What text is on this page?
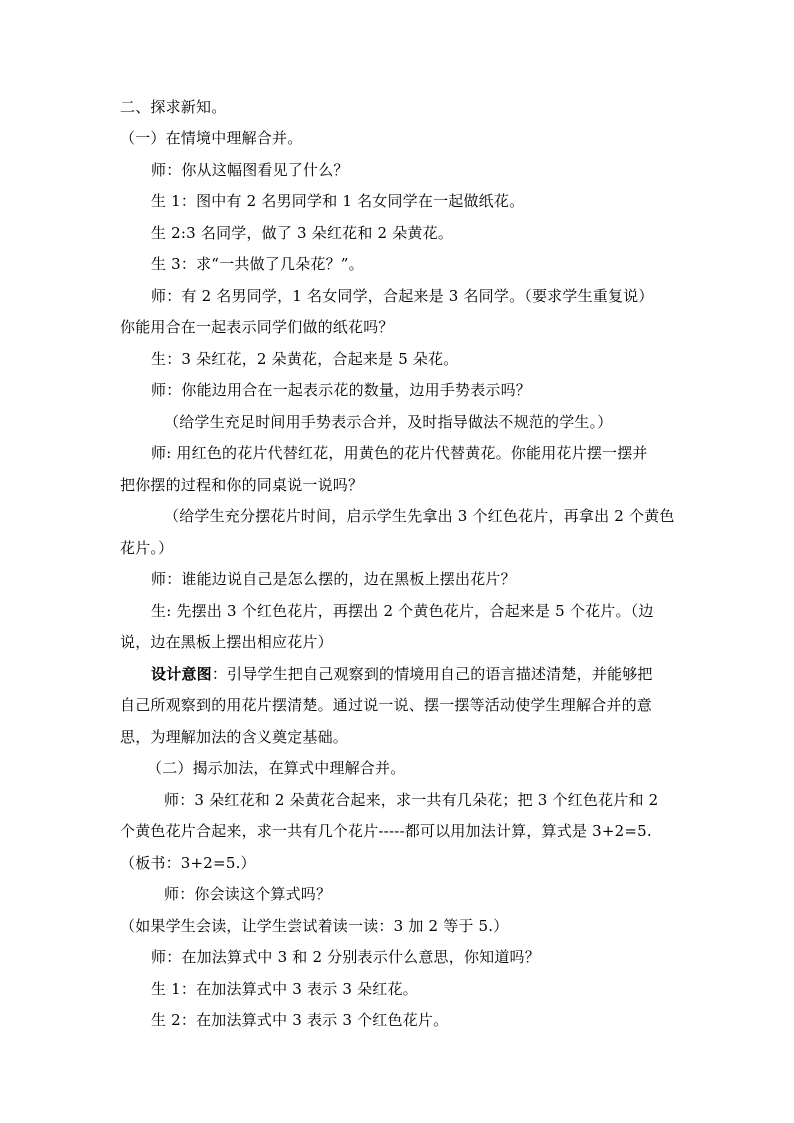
二、探求新知。
（一）在情境中理解合并。
师：你从这幅图看见了什么？
生 1：图中有 2 名男同学和 1 名女同学在一起做纸花。
生 2:3 名同学，做了 3 朵红花和 2 朵黄花。
生 3：求“一共做了几朵花？”。
师：有 2 名男同学，1 名女同学，合起来是 3 名同学。（要求学生重复说）
你能用合在一起表示同学们做的纸花吗？
生：3 朵红花，2 朵黄花，合起来是 5 朵花。
师：你能边用合在一起表示花的数量，边用手势表示吗？
（给学生充足时间用手势表示合并，及时指导做法不规范的学生。）
师: 用红色的花片代替红花，用黄色的花片代替黄花。你能用花片摆一摆并
把你摆的过程和你的同桌说一说吗？
（给学生充分摆花片时间，启示学生先拿出 3 个红色花片，再拿出 2 个黄色
花片。）
师：谁能边说自己是怎么摆的，边在黑板上摆出花片？
生: 先摆出 3 个红色花片，再摆出 2 个黄色花片，合起来是 5 个花片。（边
说，边在黑板上摆出相应花片）
设计意图：引导学生把自己观察到的情境用自己的语言描述清楚，并能够把
自己所观察到的用花片摆清楚。通过说一说、摆一摆等活动使学生理解合并的意
思，为理解加法的含义奠定基础。
（二）揭示加法，在算式中理解合并。
师：3 朵红花和 2 朵黄花合起来，求一共有几朵花；把 3 个红色花片和 2
个黄色花片合起来，求一共有几个花片-----都可以用加法计算，算式是 3+2=5.
（板书：3+2=5.）
师：你会读这个算式吗？
（如果学生会读，让学生尝试着读一读：3 加 2 等于 5.）
师：在加法算式中 3 和 2 分别表示什么意思，你知道吗？
生 1：在加法算式中 3 表示 3 朵红花。
生 2：在加法算式中 3 表示 3 个红色花片。
